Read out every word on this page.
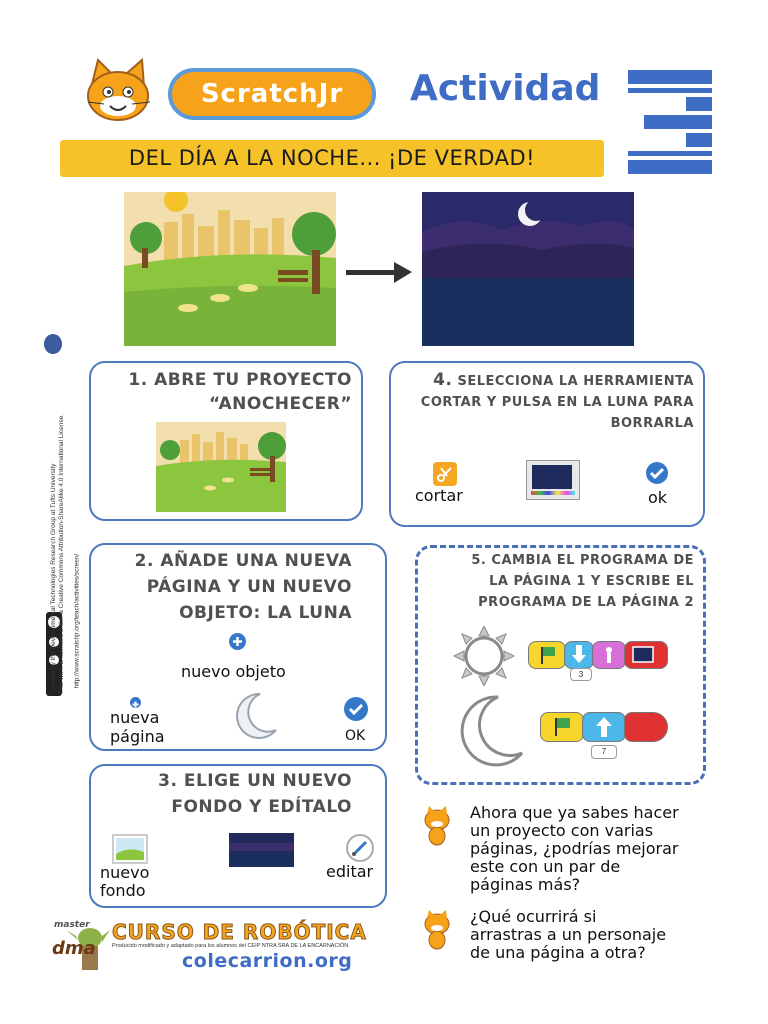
ScratchJr	Actividad
DEL DÍA A LA NOCHE... ¡DE VERDAD!
Created by the Developmental Technologies Research Group at Tufts University This work is licensed under a Creative Commons Attribution-ShareAlike 4.0 International License. http://www.scratchjr.org/teach/activities/screen/
1. ABRE TU PROYECTO
“ANOCHECER”
4. SELECCIONA LA HERRAMIENTA
CORTAR Y PULSA EN LA LUNA PARA
BORRARLA
cortar	ok
2. AÑADE UNA NUEVA
PÁGINA Y UN NUEVO
OBJETO: LA LUNA
nuevo objeto
nueva
página	OK
3. ELIGE UN NUEVO
FONDO Y EDÍTALO
nuevo
fondo
editar
5. CAMBIA EL PROGRAMA DE
LA PÁGINA 1 Y ESCRIBE EL
PROGRAMA DE LA PÁGINA 2
3
7
Ahora que ya sabes hacer
un proyecto con varias
páginas, ¿podrías mejorar
este con un par de
páginas más?
¿Qué ocurrirá si
arrastras a un personaje
de una página a otra?
master
dma
CURSO DE ROBÓTICA
Producido modificado y adaptado para los alumnos del CEIP NTRA SRA DE LA ENCARNACIÓN
colecarrion.org
